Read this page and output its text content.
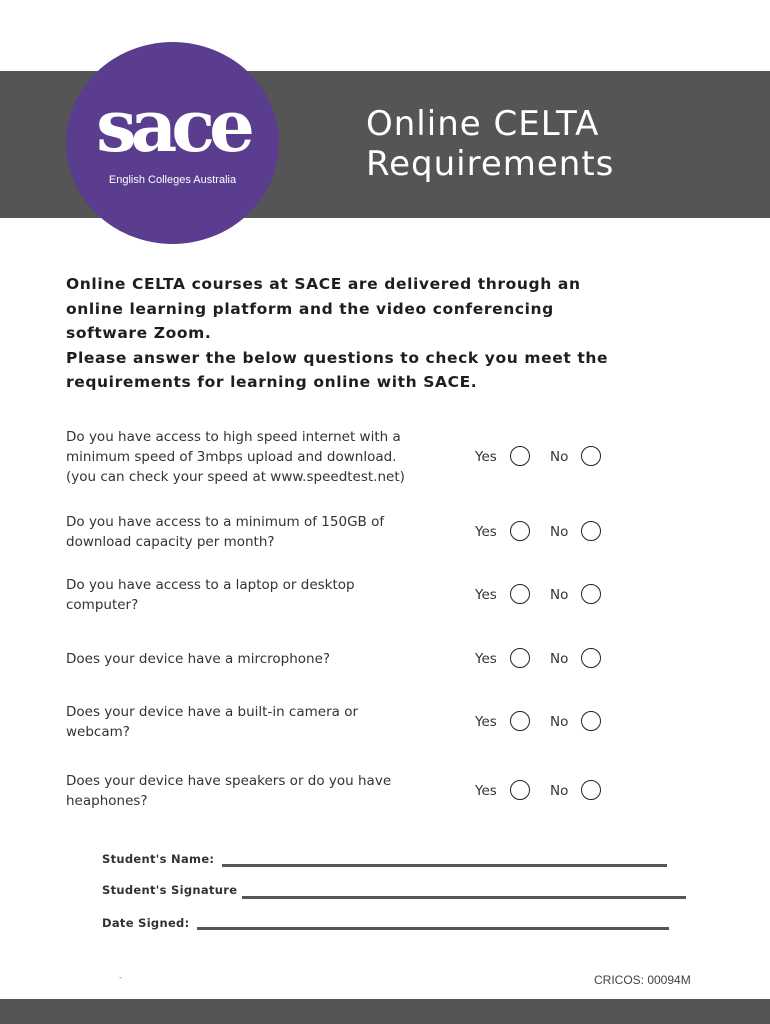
sace
English Colleges Australia
Online CELTA
Requirements
Online CELTA courses at SACE are delivered through an
online learning platform and the video conferencing
software Zoom.
Please answer the below questions to check you meet the
requirements for learning online with SACE.
Do you have access to high speed internet with a
minimum speed of 3mbps upload and download.
(you can check your speed at www.speedtest.net)
Yes	No
Do you have access to a minimum of 150GB of
download capacity per month?
Yes	No
Do you have access to a laptop or desktop
computer?
Yes	No
Does your device have a mircrophone?	Yes	No
Does your device have a built-in camera or
webcam?
Yes	No
Does your device have speakers or do you have
heaphones?
Yes	No
Student's Name:
Student's Signature
Date Signed:
-	CRICOS: 00094M
